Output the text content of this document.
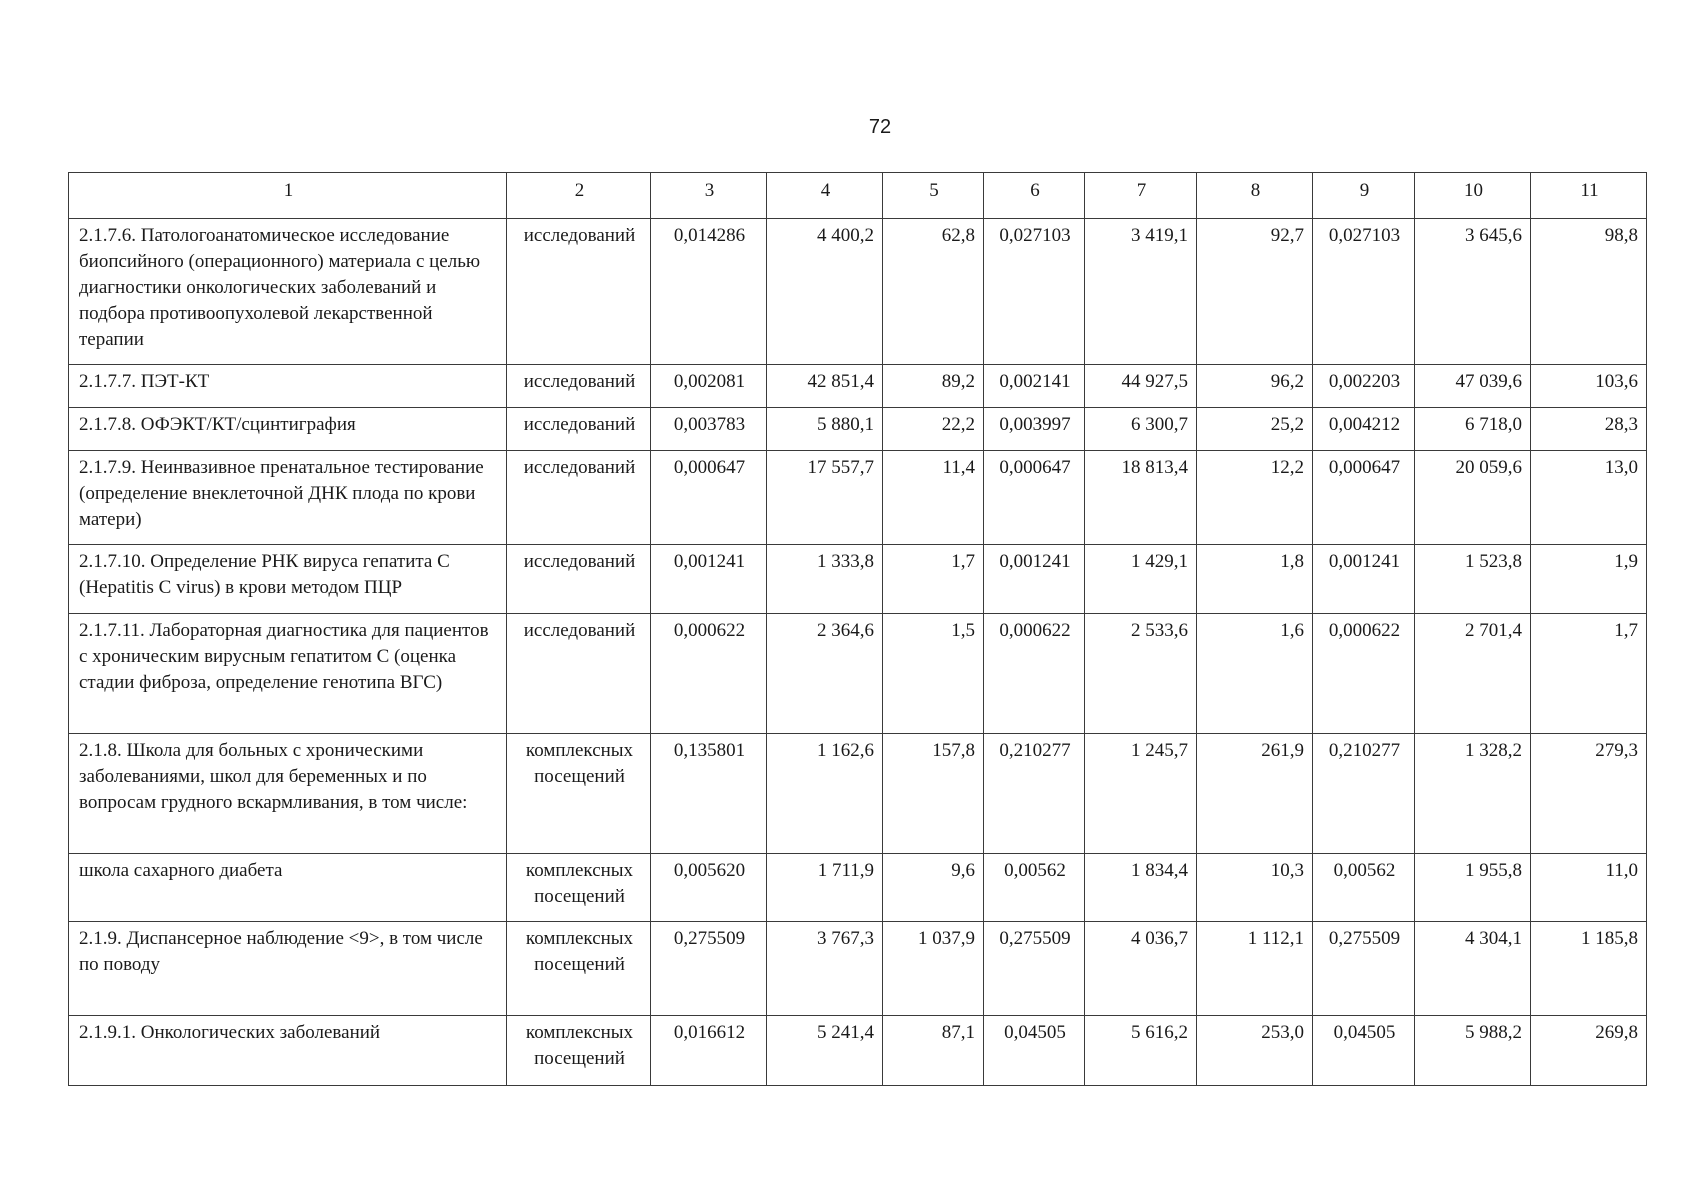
72
1	2	3	4	5	6	7	8	9	10	11
2.1.7.6. Патологоанатомическое исследование биопсийного (операционного) материала с целью диагностики онкологических заболеваний и подбора противоопухолевой лекарственной терапии	исследований	0,014286	4 400,2	62,8	0,027103	3 419,1	92,7	0,027103	3 645,6	98,8
2.1.7.7. ПЭТ-КТ	исследований	0,002081	42 851,4	89,2	0,002141	44 927,5	96,2	0,002203	47 039,6	103,6
2.1.7.8. ОФЭКТ/КТ/сцинтиграфия	исследований	0,003783	5 880,1	22,2	0,003997	6 300,7	25,2	0,004212	6 718,0	28,3
2.1.7.9. Неинвазивное пренатальное тестирование (определение внеклеточной ДНК плода по крови матери)	исследований	0,000647	17 557,7	11,4	0,000647	18 813,4	12,2	0,000647	20 059,6	13,0
2.1.7.10. Определение РНК вируса гепатита С (Hepatitis C virus) в крови методом ПЦР	исследований	0,001241	1 333,8	1,7	0,001241	1 429,1	1,8	0,001241	1 523,8	1,9
2.1.7.11. Лабораторная диагностика для пациентов с хроническим вирусным гепатитом С (оценка стадии фиброза, определение генотипа ВГС)	исследований	0,000622	2 364,6	1,5	0,000622	2 533,6	1,6	0,000622	2 701,4	1,7
2.1.8. Школа для больных с хроническими заболеваниями, школ для беременных и по вопросам грудного вскармливания, в том числе:	комплексных посещений	0,135801	1 162,6	157,8	0,210277	1 245,7	261,9	0,210277	1 328,2	279,3
школа сахарного диабета	комплексных посещений	0,005620	1 711,9	9,6	0,00562	1 834,4	10,3	0,00562	1 955,8	11,0
2.1.9. Диспансерное наблюдение <9>, в том числе по поводу	комплексных посещений	0,275509	3 767,3	1 037,9	0,275509	4 036,7	1 112,1	0,275509	4 304,1	1 185,8
2.1.9.1. Онкологических заболеваний	комплексных посещений	0,016612	5 241,4	87,1	0,04505	5 616,2	253,0	0,04505	5 988,2	269,8
